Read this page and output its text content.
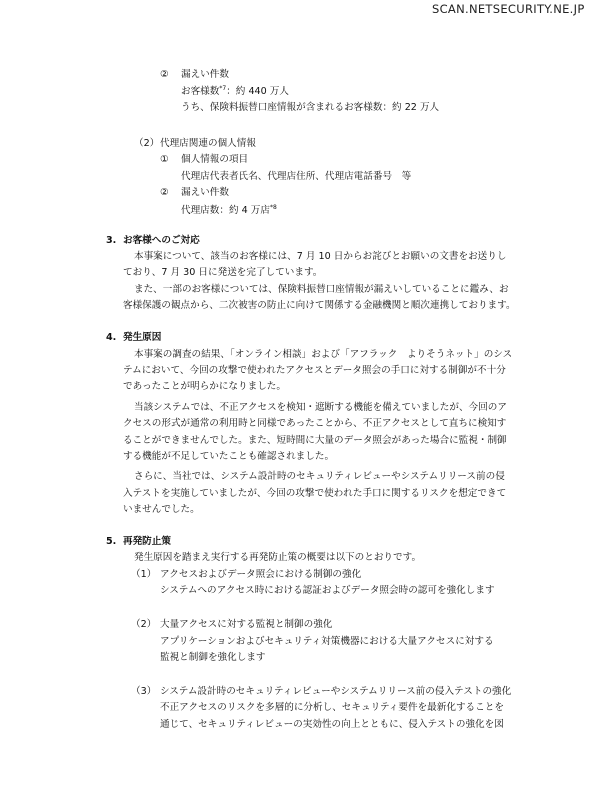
SCAN.NETSECURITY.NE.JP
② 漏えい件数
お客様数$^{*7}$：約 440 万人
うち、保険料振替口座情報が含まれるお客様数：約 22 万人
（2） 代理店関連の個人情報
① 個人情報の項目
代理店代表者氏名、代理店住所、代理店電話番号　等
② 漏えい件数
代理店数：約 4 万店$^{*8}$
3. お客様へのご対応
本事案について、該当のお客様には、7 月 10 日からお詫びとお願いの文書をお送りし
ており、7 月 30 日に発送を完了しています。
また、一部のお客様については、保険料振替口座情報が漏えいしていることに鑑み、お
客様保護の観点から、二次被害の防止に向けて関係する金融機関と順次連携しております。
4. 発生原因
本事案の調査の結果、「オンライン相談」および「アフラック　よりそうネット」のシス
テムにおいて、今回の攻撃で使われたアクセスとデータ照会の手口に対する制御が不十分
であったことが明らかになりました。
当該システムでは、不正アクセスを検知・遮断する機能を備えていましたが、今回のア
クセスの形式が通常の利用時と同様であったことから、不正アクセスとして直ちに検知す
ることができませんでした。また、短時間に大量のデータ照会があった場合に監視・制御
する機能が不足していたことも確認されました。
さらに、当社では、システム設計時のセキュリティレビューやシステムリリース前の侵
入テストを実施していましたが、今回の攻撃で使われた手口に関するリスクを想定できて
いませんでした。
5. 再発防止策
発生原因を踏まえ実行する再発防止策の概要は以下のとおりです。
（1） アクセスおよびデータ照会における制御の強化
システムへのアクセス時における認証およびデータ照会時の認可を強化します
（2） 大量アクセスに対する監視と制御の強化
アプリケーションおよびセキュリティ対策機器における大量アクセスに対する
監視と制御を強化します
（3） システム設計時のセキュリティレビューやシステムリリース前の侵入テストの強化
不正アクセスのリスクを多層的に分析し、セキュリティ要件を最新化することを
通じて、セキュリティレビューの実効性の向上とともに、侵入テストの強化を図
